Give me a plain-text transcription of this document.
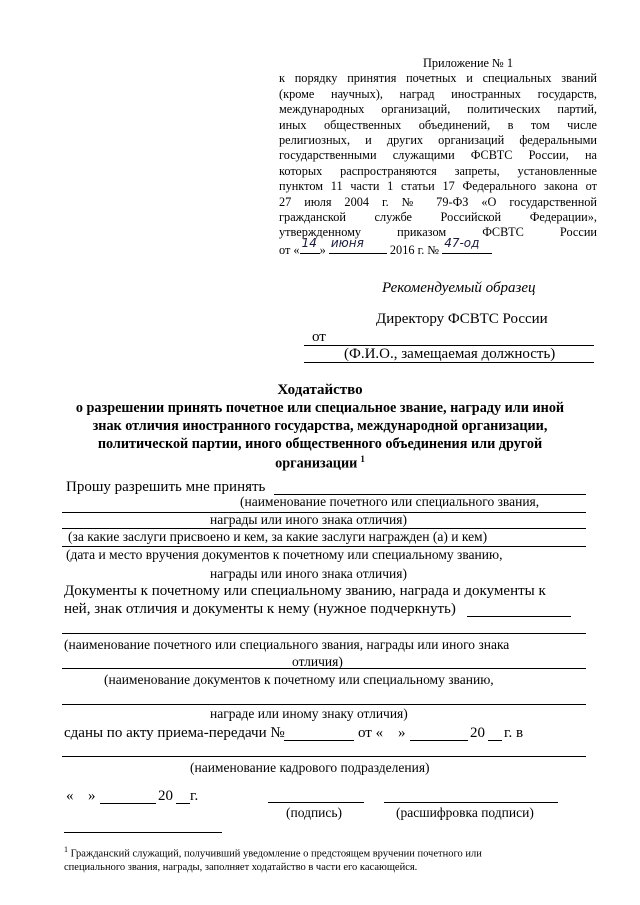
Приложение № 1
к порядку принятия почетных и специальных званий
(кроме научных), наград иностранных государств,
международных организаций, политических партий,
иных общественных объединений, в том числе
религиозных, и других организаций федеральными
государственными служащими ФСВТС России, на
которых распространяются запреты, установленные
пунктом 11 части 1 статьи 17 Федерального закона от
27 июля 2004 г. № 79-ФЗ «О государственной
гражданской службе Российской Федерации»,
утвержденному приказом ФСВТС России
от « 14 » июня 2016 г. № 47-од
Рекомендуемый образец
Директору ФСВТС России
от
(Ф.И.О., замещаемая должность)
Ходатайство
о разрешении принять почетное или специальное звание, награду или иной
знак отличия иностранного государства, международной организации,
политической партии, иного общественного объединения или другой
организации $^1$
Прошу разрешить мне принять
(наименование почетного или специального звания,
награды или иного знака отличия)
(за какие заслуги присвоено и кем, за какие заслуги награжден (а) и кем)
(дата и место вручения документов к почетному или специальному званию,
награды или иного знака отличия)
Документы к почетному или специальному званию, награда и документы к
ней, знак отличия и документы к нему (нужное подчеркнуть)
(наименование почетного или специального звания, награды или иного знака
отличия)
(наименование документов к почетному или специальному званию,
награде или иному знаку отличия)
сданы по акту приема-передачи №	от « »	20 г. в
(наименование кадрового подразделения)
« »	20 г.
(подпись)	(расшифровка подписи)
$^1$ Гражданский служащий, получивший уведомление о предстоящем вручении почетного или
специального звания, награды, заполняет ходатайство в части его касающейся.
